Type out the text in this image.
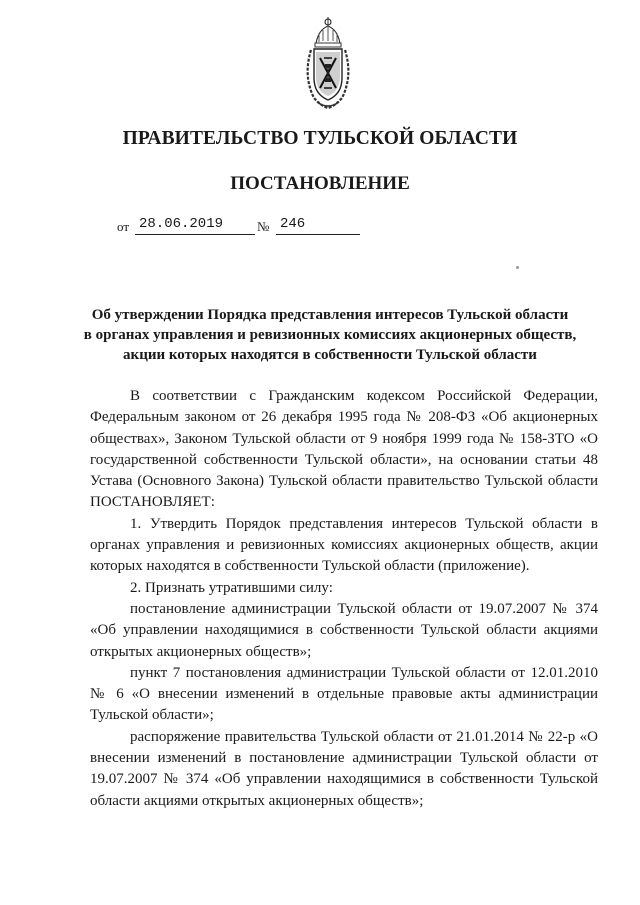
ПРАВИТЕЛЬСТВО ТУЛЬСКОЙ ОБЛАСТИ
ПОСТАНОВЛЕНИЕ
от 28.06.2019	№ 246
Об утверждении Порядка представления интересов Тульской области
в органах управления и ревизионных комиссиях акционерных обществ,
акции которых находятся в собственности Тульской области

В соответствии с Гражданским кодексом Российской Федерации, Федеральным законом от 26 декабря 1995 года № 208-ФЗ «Об акционерных обществах», Законом Тульской области от 9 ноября 1999 года № 158-ЗТО «О государственной собственности Тульской области», на основании статьи 48 Устава (Основного Закона) Тульской области правительство Тульской области ПОСТАНОВЛЯЕТ:

1. Утвердить Порядок представления интересов Тульской области в органах управления и ревизионных комиссиях акционерных обществ, акции которых находятся в собственности Тульской области (приложение).

2. Признать утратившими силу:

постановление администрации Тульской области от 19.07.2007 № 374 «Об управлении находящимися в собственности Тульской области акциями открытых акционерных обществ»;

пункт 7 постановления администрации Тульской области от 12.01.2010 № 6 «О внесении изменений в отдельные правовые акты администрации Тульской области»;

распоряжение правительства Тульской области от 21.01.2014 № 22-р «О внесении изменений в постановление администрации Тульской области от 19.07.2007 № 374 «Об управлении находящимися в собственности Тульской области акциями открытых акционерных обществ»;
